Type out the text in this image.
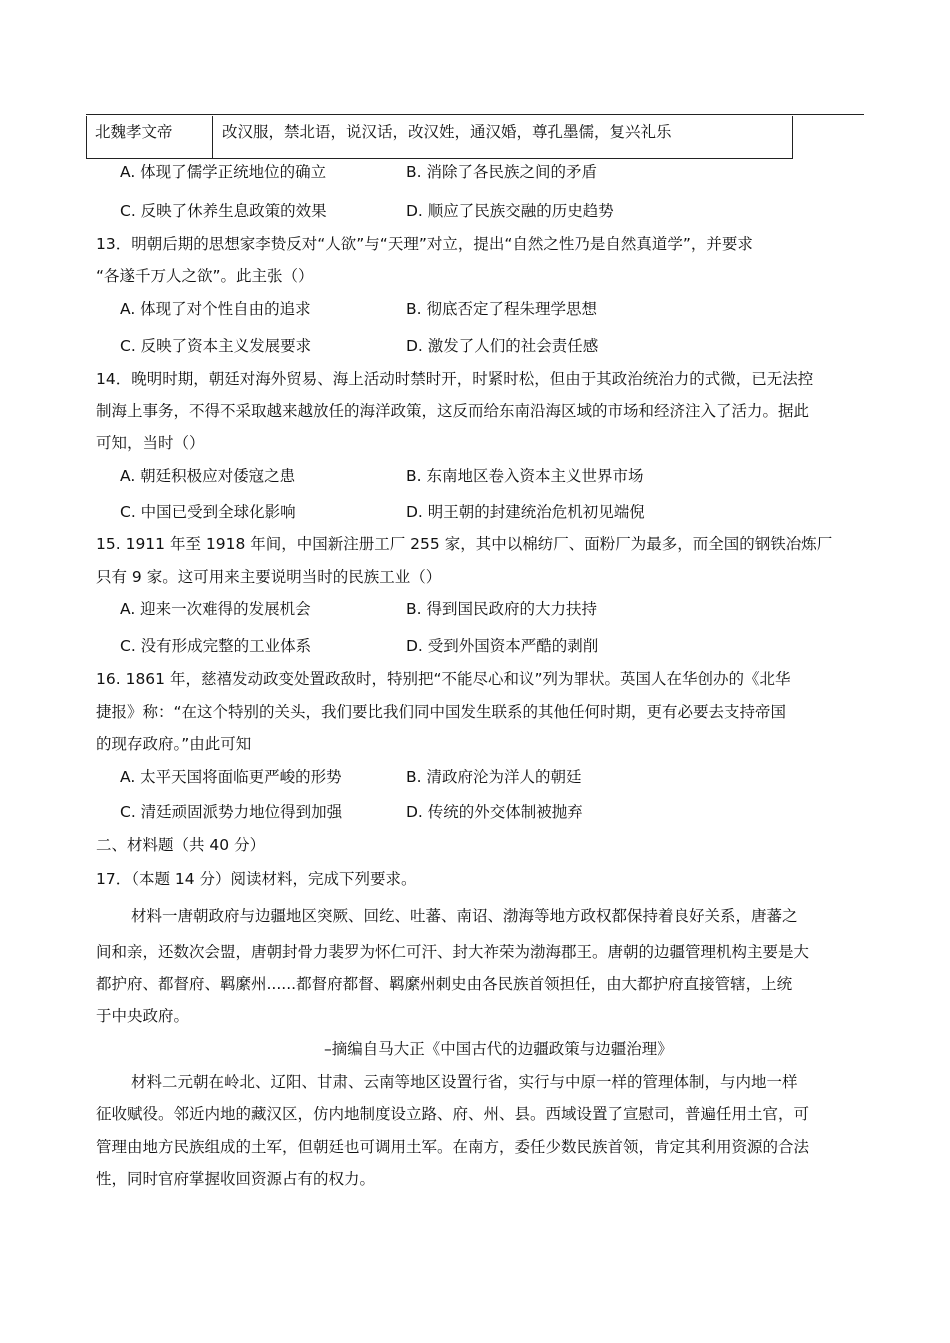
北魏孝文帝	改汉服，禁北语，说汉话，改汉姓，通汉婚，尊孔墨儒，复兴礼乐
A. 体现了儒学正统地位的确立	B. 消除了各民族之间的矛盾
C. 反映了休养生息政策的效果	D. 顺应了民族交融的历史趋势
13．明朝后期的思想家李贽反对“人欲”与“天理”对立，提出“自然之性乃是自然真道学”，并要求
“各遂千万人之欲”。此主张（）
A. 体现了对个性自由的追求	B. 彻底否定了程朱理学思想
C. 反映了资本主义发展要求	D. 激发了人们的社会责任感
14．晚明时期，朝廷对海外贸易、海上活动时禁时开，时紧时松，但由于其政治统治力的式微，已无法控
制海上事务，不得不采取越来越放任的海洋政策，这反而给东南沿海区域的市场和经济注入了活力。据此
可知，当时（）
A. 朝廷积极应对倭寇之患	B. 东南地区卷入资本主义世界市场
C. 中国已受到全球化影响	D. 明王朝的封建统治危机初见端倪
15. 1911 年至 1918 年间，中国新注册工厂 255 家，其中以棉纺厂、面粉厂为最多，而全国的钢铁冶炼厂
只有 9 家。这可用来主要说明当时的民族工业（）
A. 迎来一次难得的发展机会	B. 得到国民政府的大力扶持
C. 没有形成完整的工业体系	D. 受到外国资本严酷的剥削
16. 1861 年，慈禧发动政变处置政敌时，特别把“不能尽心和议”列为罪状。英国人在华创办的《北华
捷报》称：“在这个特别的关头，我们要比我们同中国发生联系的其他任何时期，更有必要去支持帝国
的现存政府。”由此可知
A. 太平天国将面临更严峻的形势	B. 清政府沦为洋人的朝廷
C. 清廷顽固派势力地位得到加强	D. 传统的外交体制被抛弃
二、材料题（共 40 分）
17．（本题 14 分）阅读材料，完成下列要求。
材料一唐朝政府与边疆地区突厥、回纥、吐蕃、南诏、渤海等地方政权都保持着良好关系，唐蕃之
间和亲，还数次会盟，唐朝封骨力裴罗为怀仁可汗、封大祚荣为渤海郡王。唐朝的边疆管理机构主要是大
都护府、都督府、羁縻州......都督府都督、羁縻州刺史由各民族首领担任，由大都护府直接管辖，上统
于中央政府。
–摘编自马大正《中国古代的边疆政策与边疆治理》
材料二元朝在岭北、辽阳、甘肃、云南等地区设置行省，实行与中原一样的管理体制，与内地一样
征收赋役。邻近内地的藏汉区，仿内地制度设立路、府、州、县。西域设置了宣慰司，普遍任用土官，可
管理由地方民族组成的土军，但朝廷也可调用土军。在南方，委任少数民族首领，肯定其利用资源的合法
性，同时官府掌握收回资源占有的权力。
